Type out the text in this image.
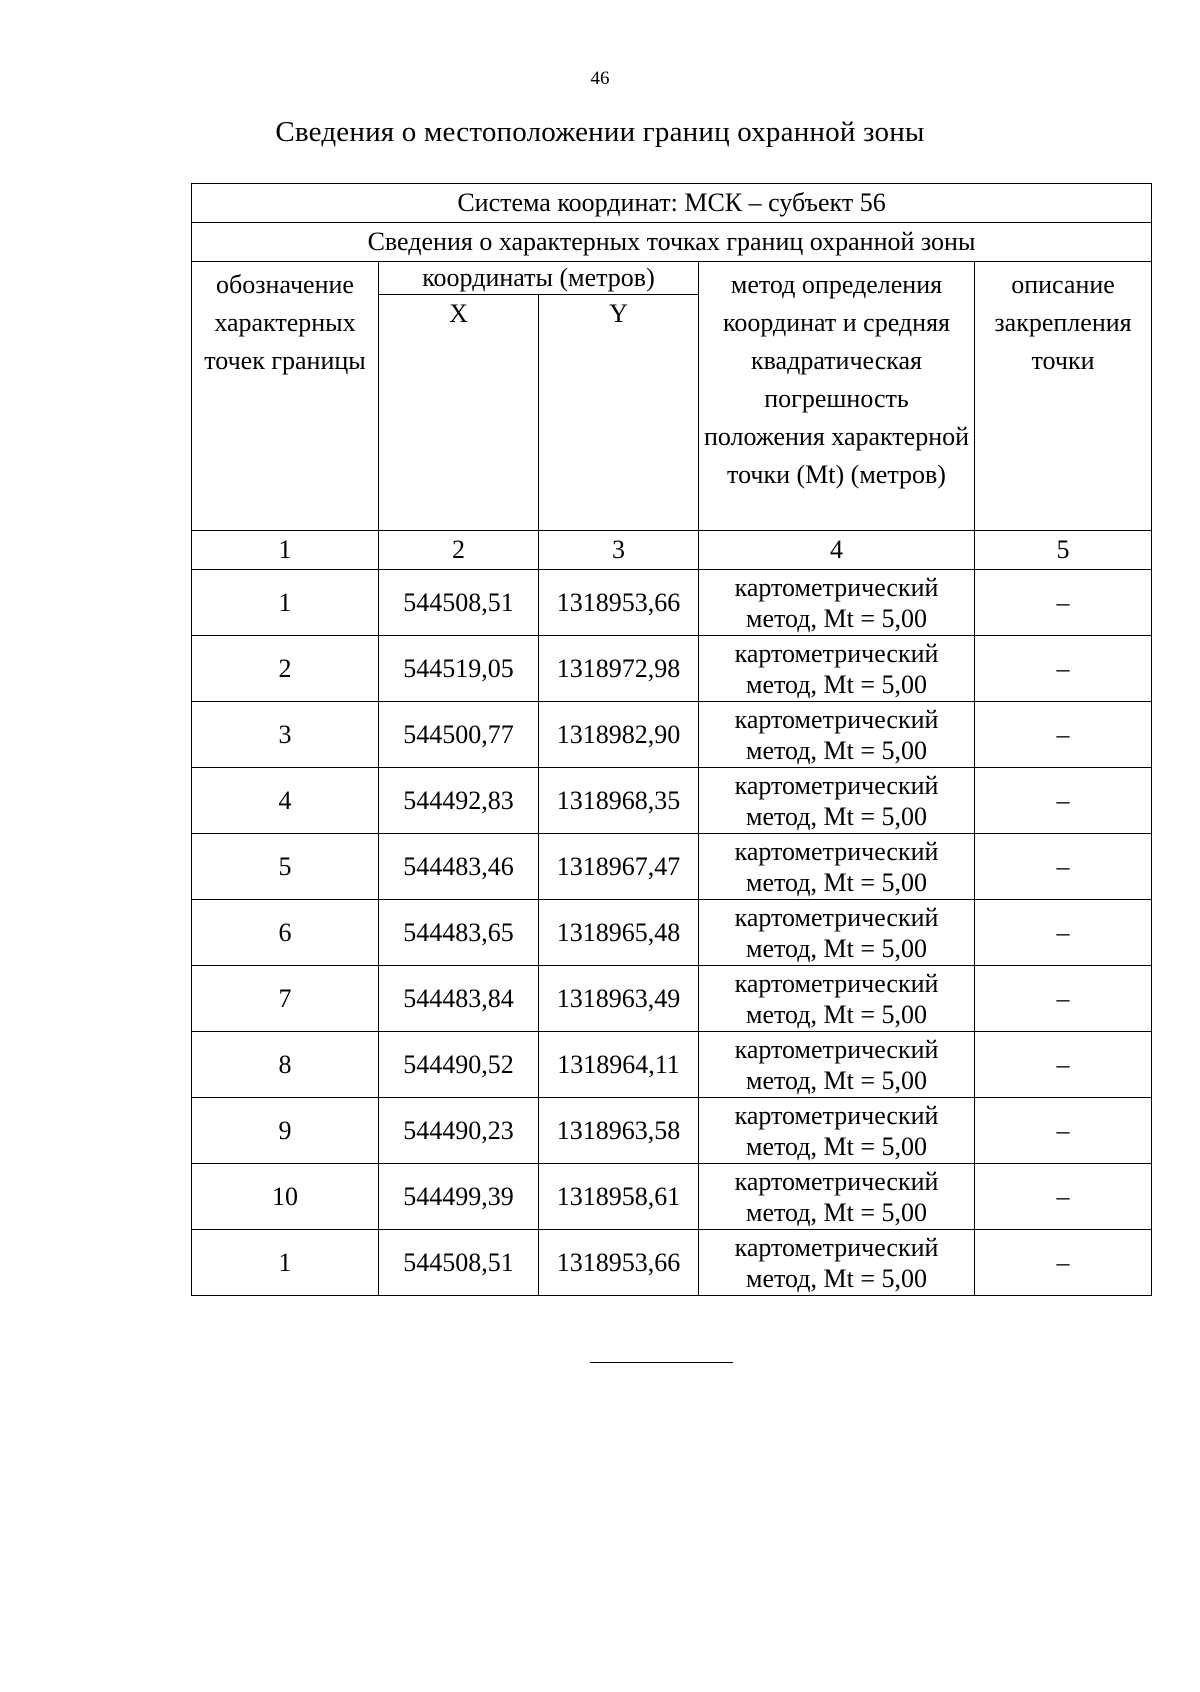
46
Сведения о местоположении границ охранной зоны
Система координат: МСК – субъект 56				
Сведения о характерных точках границ охранной зоны				
обозначение характерных точек границы	координаты (метров)		метод определения координат и средняя квадратическая погрешность положения характерной точки (Mt) (метров)	описание закрепления точки
	X	Y		
1	2	3	4	5
1	544508,51	1318953,66	картометрический метод, Mt = 5,00	–
2	544519,05	1318972,98	картометрический метод, Mt = 5,00	–
3	544500,77	1318982,90	картометрический метод, Mt = 5,00	–
4	544492,83	1318968,35	картометрический метод, Mt = 5,00	–
5	544483,46	1318967,47	картометрический метод, Mt = 5,00	–
6	544483,65	1318965,48	картометрический метод, Mt = 5,00	–
7	544483,84	1318963,49	картометрический метод, Mt = 5,00	–
8	544490,52	1318964,11	картометрический метод, Mt = 5,00	–
9	544490,23	1318963,58	картометрический метод, Mt = 5,00	–
10	544499,39	1318958,61	картометрический метод, Mt = 5,00	–
1	544508,51	1318953,66	картометрический метод, Mt = 5,00	–
